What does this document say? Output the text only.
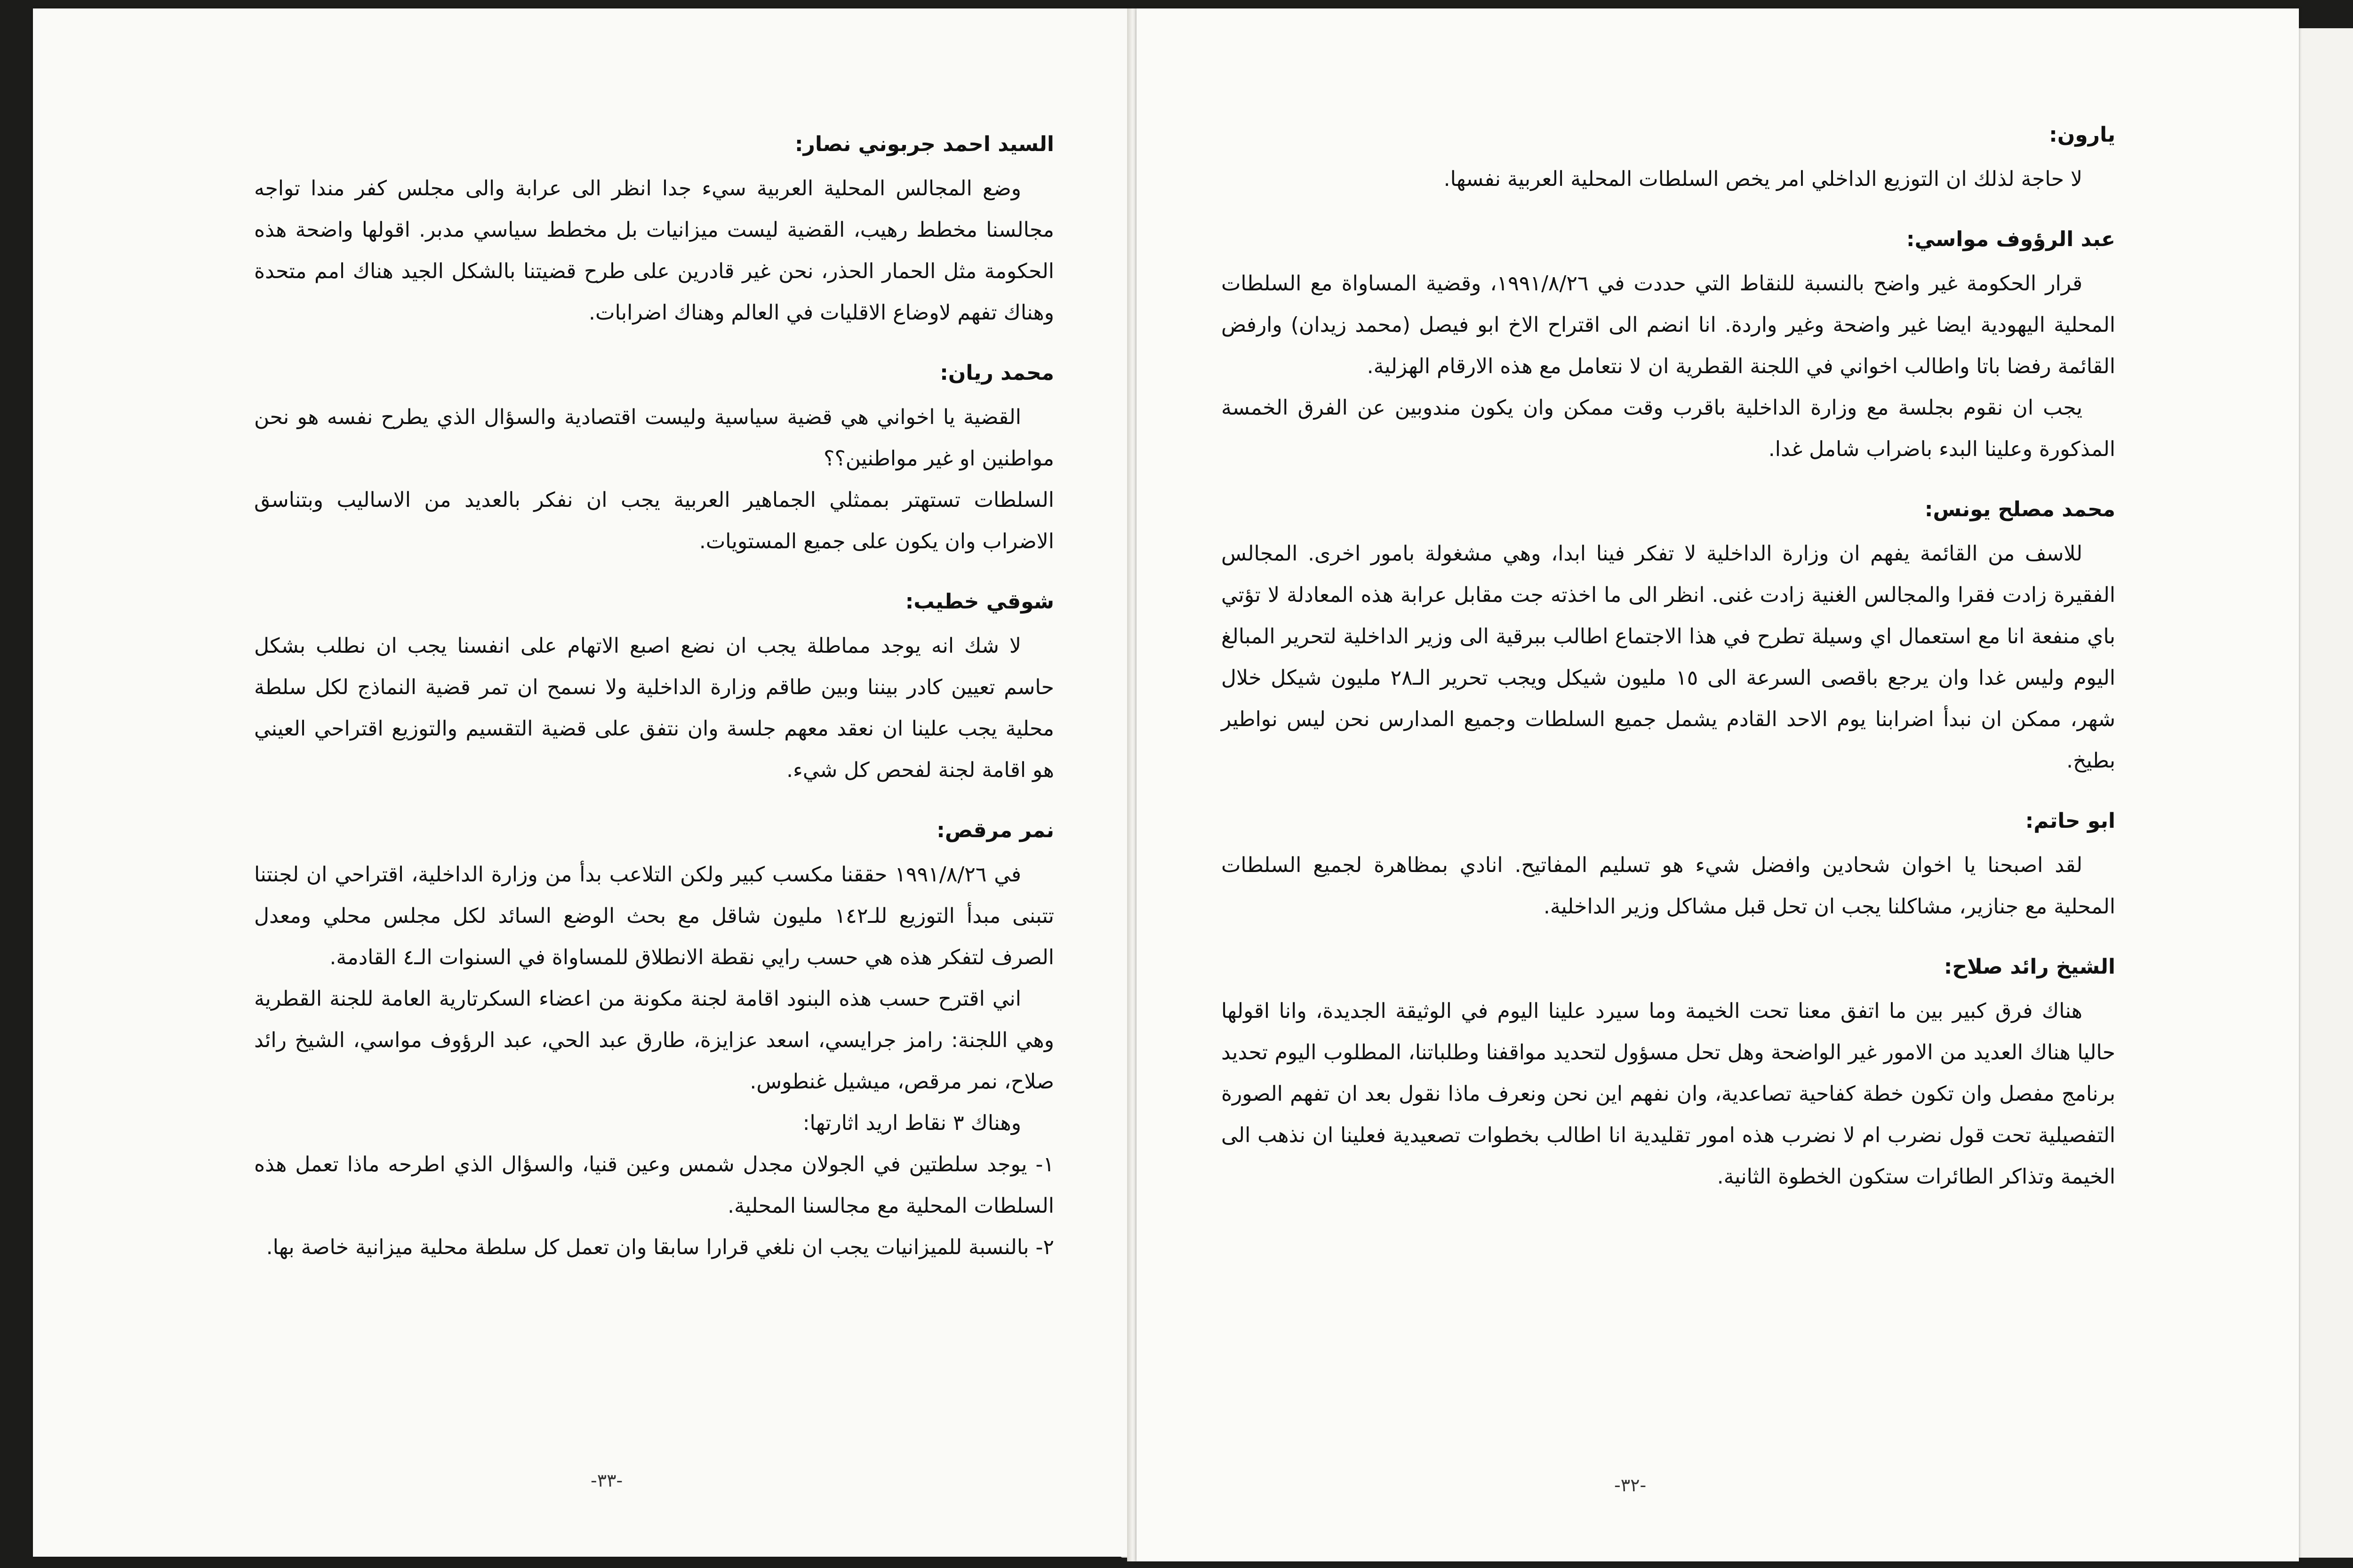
السيد احمد جربوني نصار:

وضع المجالس المحلية العربية سيء جدا انظر الى عرابة والى مجلس كفر مندا تواجه مجالسنا مخطط رهيب، القضية ليست ميزانيات بل مخطط سياسي مدبر. اقولها واضحة هذه الحكومة مثل الحمار الحذر، نحن غير قادرين على طرح قضيتنا بالشكل الجيد هناك امم متحدة وهناك تفهم لاوضاع الاقليات في العالم وهناك اضرابات.

محمد ريان:

القضية يا اخواني هي قضية سياسية وليست اقتصادية والسؤال الذي يطرح نفسه هو نحن مواطنين او غير مواطنين؟؟

السلطات تستهتر بممثلي الجماهير العربية يجب ان نفكر بالعديد من الاساليب وبتناسق الاضراب وان يكون على جميع المستويات.

شوقي خطيب:

لا شك انه يوجد مماطلة يجب ان نضع اصبع الاتهام على انفسنا يجب ان نطلب بشكل حاسم تعيين كادر بيننا وبين طاقم وزارة الداخلية ولا نسمح ان تمر قضية النماذج لكل سلطة محلية يجب علينا ان نعقد معهم جلسة وان نتفق على قضية التقسيم والتوزيع اقتراحي العيني هو اقامة لجنة لفحص كل شيء.

نمر مرقص:

في ١٩٩١/٨/٢٦ حققنا مكسب كبير ولكن التلاعب بدأ من وزارة الداخلية، اقتراحي ان لجنتنا تتبنى مبدأ التوزيع للـ١٤٢ مليون شاقل مع بحث الوضع السائد لكل مجلس محلي ومعدل الصرف لتفكر هذه هي حسب رايي نقطة الانطلاق للمساواة في السنوات الـ٤ القادمة.

اني اقترح حسب هذه البنود اقامة لجنة مكونة من اعضاء السكرتارية العامة للجنة القطرية وهي اللجنة: رامز جرايسي، اسعد عزايزة، طارق عبد الحي، عبد الرؤوف مواسي، الشيخ رائد صلاح، نمر مرقص، ميشيل غنطوس.

وهناك ٣ نقاط اريد اثارتها:

١- يوجد سلطتين في الجولان مجدل شمس وعين قنيا، والسؤال الذي اطرحه ماذا تعمل هذه السلطات المحلية مع مجالسنا المحلية.

٢- بالنسبة للميزانيات يجب ان نلغي قرارا سابقا وان تعمل كل سلطة محلية ميزانية خاصة بها.

-٣٣-
يارون:

لا حاجة لذلك ان التوزيع الداخلي امر يخص السلطات المحلية العربية نفسها.

عبد الرؤوف مواسي:

قرار الحكومة غير واضح بالنسبة للنقاط التي حددت في ١٩٩١/٨/٢٦، وقضية المساواة مع السلطات المحلية اليهودية ايضا غير واضحة وغير واردة. انا انضم الى اقتراح الاخ ابو فيصل (محمد زيدان) وارفض القائمة رفضا باتا واطالب اخواني في اللجنة القطرية ان لا نتعامل مع هذه الارقام الهزلية.

يجب ان نقوم بجلسة مع وزارة الداخلية باقرب وقت ممكن وان يكون مندوبين عن الفرق الخمسة المذكورة وعلينا البدء باضراب شامل غدا.

محمد مصلح يونس:

للاسف من القائمة يفهم ان وزارة الداخلية لا تفكر فينا ابدا، وهي مشغولة بامور اخرى. المجالس الفقيرة زادت فقرا والمجالس الغنية زادت غنى. انظر الى ما اخذته جت مقابل عرابة هذه المعادلة لا تؤتي باي منفعة انا مع استعمال اي وسيلة تطرح في هذا الاجتماع اطالب ببرقية الى وزير الداخلية لتحرير المبالغ اليوم وليس غدا وان يرجع باقصى السرعة الى ١٥ مليون شيكل ويجب تحرير الـ٢٨ مليون شيكل خلال شهر، ممكن ان نبدأ اضرابنا يوم الاحد القادم يشمل جميع السلطات وجميع المدارس نحن ليس نواطير بطيخ.

ابو حاتم:

لقد اصبحنا يا اخوان شحادين وافضل شيء هو تسليم المفاتيح. انادي بمظاهرة لجميع السلطات المحلية مع جنازير، مشاكلنا يجب ان تحل قبل مشاكل وزير الداخلية.

الشيخ رائد صلاح:

هناك فرق كبير بين ما اتفق معنا تحت الخيمة وما سيرد علينا اليوم في الوثيقة الجديدة، وانا اقولها حاليا هناك العديد من الامور غير الواضحة وهل تحل مسؤول لتحديد مواقفنا وطلباتنا، المطلوب اليوم تحديد برنامج مفصل وان تكون خطة كفاحية تصاعدية، وان نفهم اين نحن ونعرف ماذا نقول بعد ان تفهم الصورة التفصيلية تحت قول نضرب ام لا نضرب هذه امور تقليدية انا اطالب بخطوات تصعيدية فعلينا ان نذهب الى الخيمة وتذاكر الطائرات ستكون الخطوة الثانية.

-٣٢-
